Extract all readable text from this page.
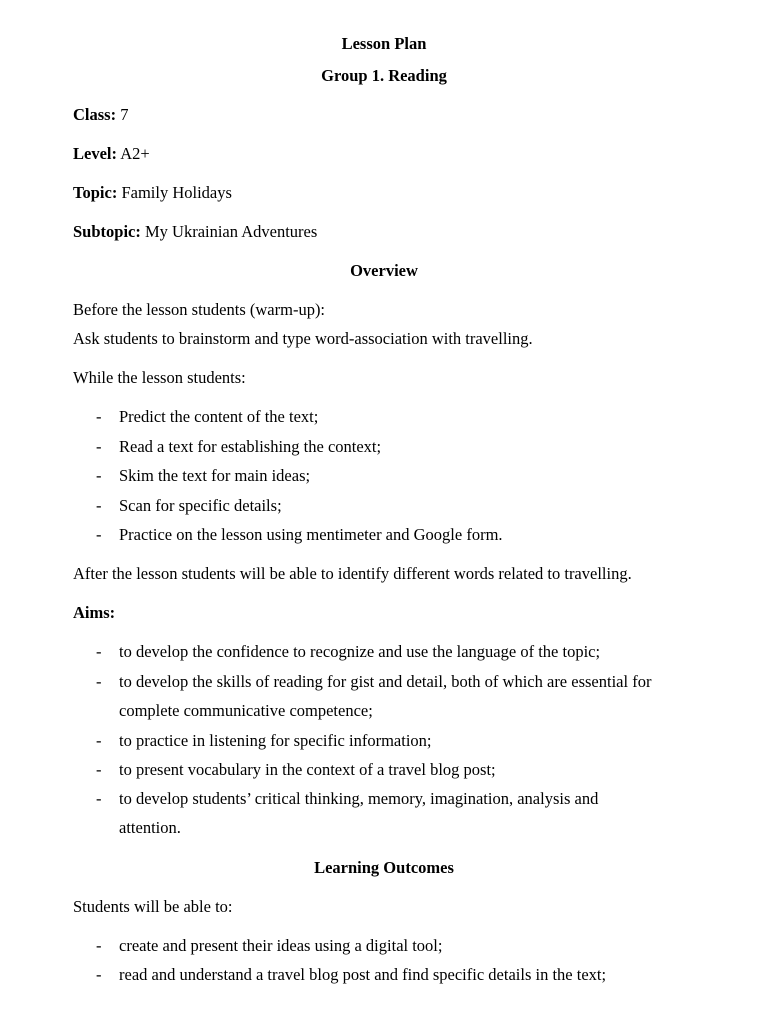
Lesson Plan
Group 1. Reading
Class: 7
Level: A2+
Topic: Family Holidays
Subtopic: My Ukrainian Adventures
Overview
Before the lesson students (warm-up):
Ask students to brainstorm and type word-association with travelling.
While the lesson students:
-	Predict the content of the text;
-	Read a text for establishing the context;
-	Skim the text for main ideas;
-	Scan for specific details;
-	Practice on the lesson using mentimeter and Google form.
After the lesson students will be able to identify different words related to travelling.
Aims:
-	to develop the confidence to recognize and use the language of the topic;
-	to develop the skills of reading for gist and detail, both of which are essential for
complete communicative competence;
-	to practice in listening for specific information;
-	to present vocabulary in the context of a travel blog post;
-	to develop students’ critical thinking, memory, imagination, analysis and
attention.
Learning Outcomes
Students will be able to:
-	create and present their ideas using a digital tool;
-	read and understand a travel blog post and find specific details in the text;
